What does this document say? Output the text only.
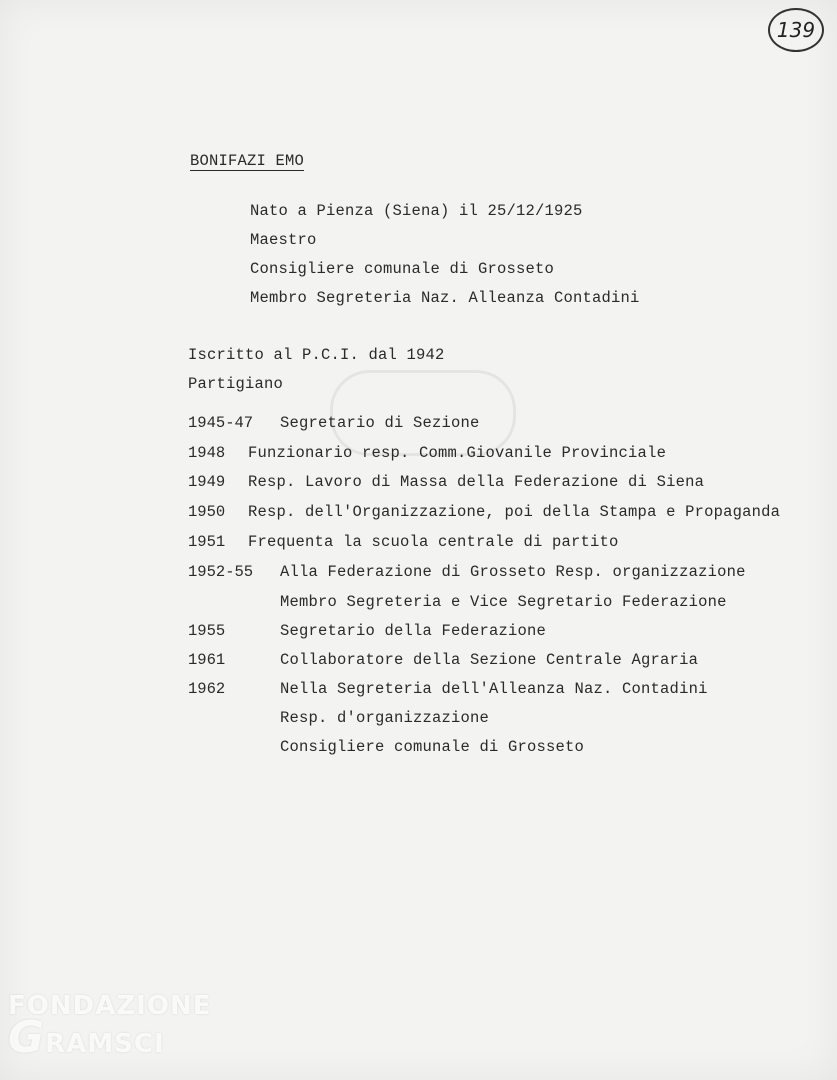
139
BONIFAZI EMO
Nato a Pienza (Siena) il 25/12/1925
Maestro
Consigliere comunale di Grosseto
Membro Segreteria Naz. Alleanza Contadini
Iscritto al P.C.I. dal 1942
Partigiano
1945-47 Segretario di Sezione
1948 Funzionario resp. Comm.Giovanile Provinciale
1949 Resp. Lavoro di Massa della Federazione di Siena
1950 Resp. dell'Organizzazione, poi della Stampa e Propaganda
1951 Frequenta la scuola centrale di partito
1952-55 Alla Federazione di Grosseto Resp. organizzazione
Membro Segreteria e Vice Segretario Federazione
1955	Segretario della Federazione
1961	Collaboratore della Sezione Centrale Agraria
1962	Nella Segreteria dell'Alleanza Naz. Contadini
Resp. d'organizzazione
Consigliere comunale di Grosseto
FONDAZIONE
GRAMSCI
